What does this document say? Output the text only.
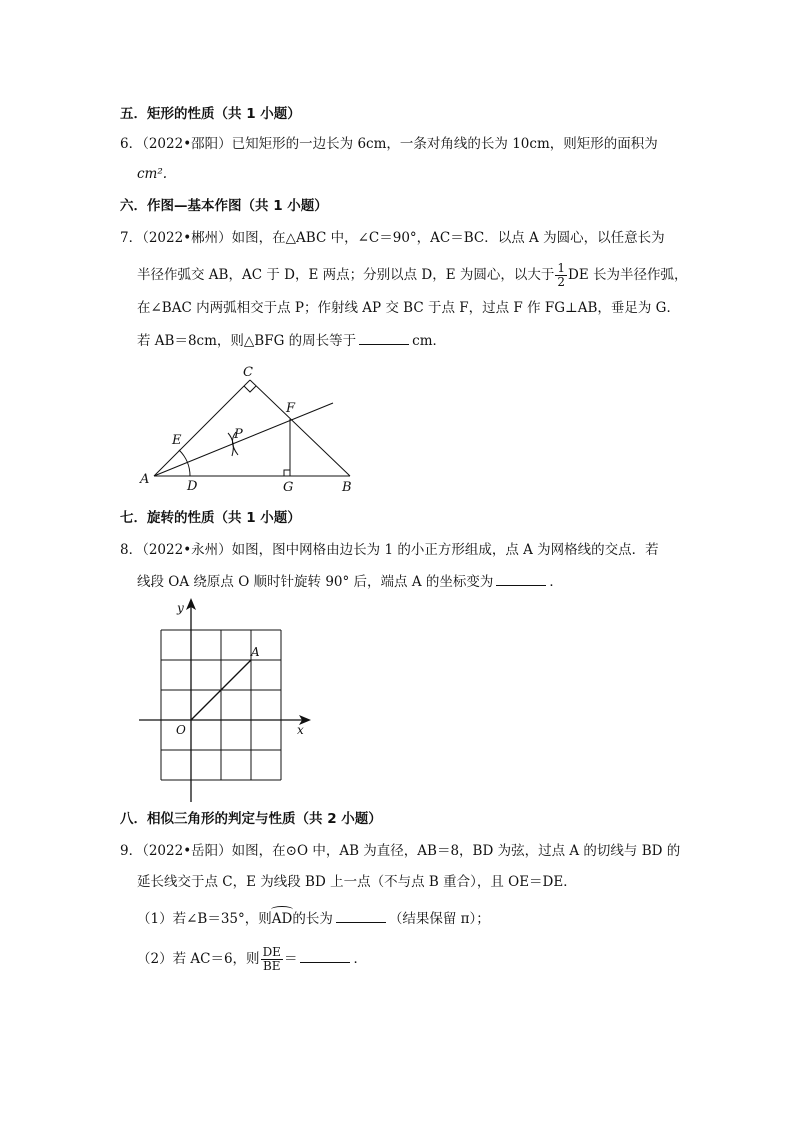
五．矩形的性质（共 1 小题）
6．（2022•邵阳）已知矩形的一边长为 6cm，一条对角线的长为 10cm，则矩形的面积为
cm².
六．作图—基本作图（共 1 小题）
7．（2022•郴州）如图，在△ABC 中，∠C＝90°，AC＝BC．以点 A 为圆心，以任意长为
半径作弧交 AB，AC 于 D，E 两点；分别以点 D，E 为圆心，以大于 $\frac{1}{2}$ DE 长为半径作弧，
在∠BAC 内两弧相交于点 P；作射线 AP 交 BC 于点 F，过点 F 作 FG⊥AB，垂足为 G．
若 AB＝8cm，则△BFG 的周长等于	cm．
C
F
E	P
A	D	G	B
七．旋转的性质（共 1 小题）
8．（2022•永州）如图，图中网格由边长为 1 的小正方形组成，点 A 为网格线的交点．若
线段 OA 绕原点 O 顺时针旋转 90° 后，端点 A 的坐标变为	．
y
x
O
A
八．相似三角形的判定与性质（共 2 小题）
9．（2022•岳阳）如图，在⊙O 中，AB 为直径，AB＝8，BD 为弦，过点 A 的切线与 BD 的
延长线交于点 C，E 为线段 BD 上一点（不与点 B 重合），且 OE＝DE．
（1）若∠B＝35°，则AD的长为	（结果保留 π）；
（2）若 AC＝6，则 $\frac{DE}{BE}$ ＝	．
